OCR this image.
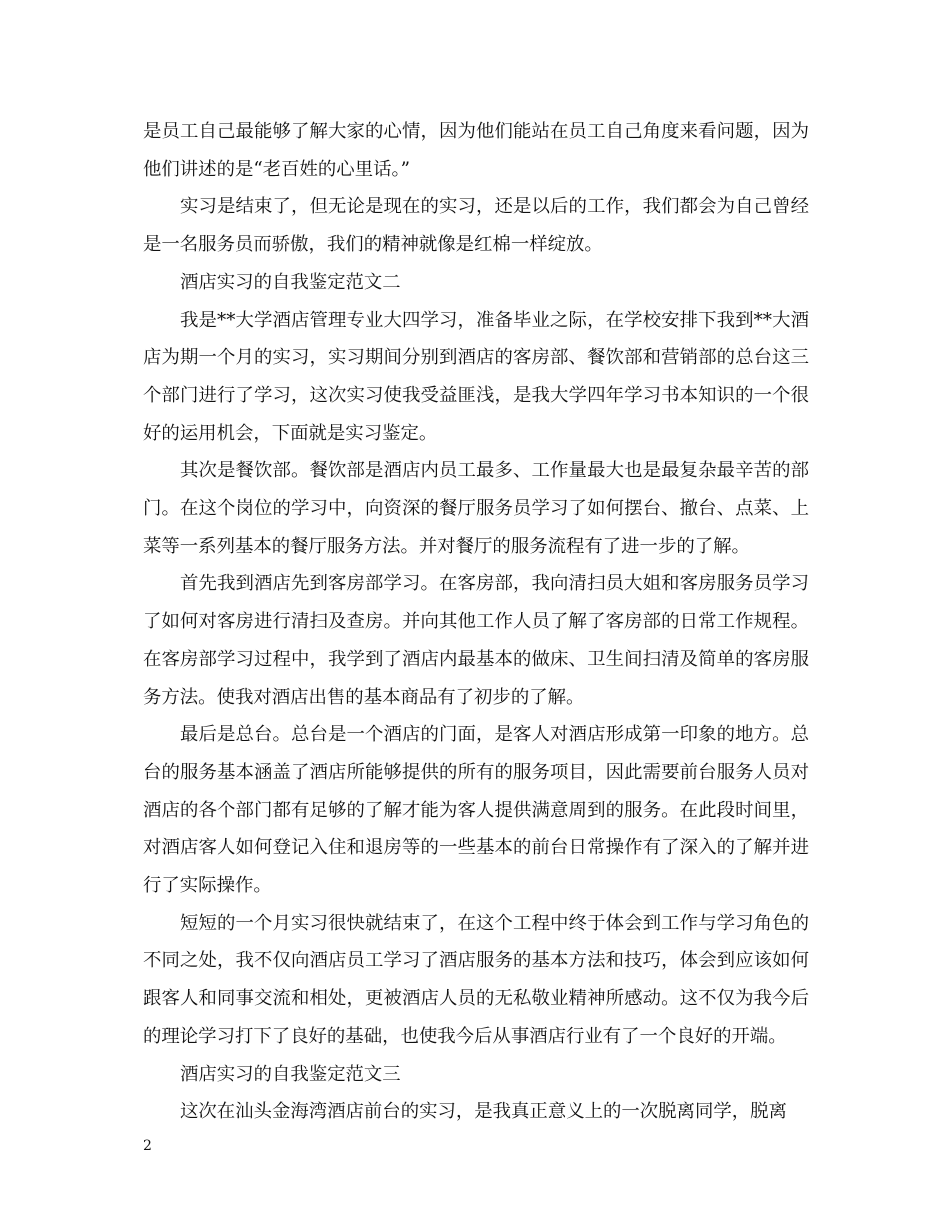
是员工自己最能够了解大家的心情，因为他们能站在员工自己角度来看问题，因为他们讲述的是“老百姓的心里话。”

实习是结束了，但无论是现在的实习，还是以后的工作，我们都会为自己曾经是一名服务员而骄傲，我们的精神就像是红棉一样绽放。

酒店实习的自我鉴定范文二

我是**大学酒店管理专业大四学习，准备毕业之际，在学校安排下我到**大酒店为期一个月的实习，实习期间分别到酒店的客房部、餐饮部和营销部的总台这三个部门进行了学习，这次实习使我受益匪浅，是我大学四年学习书本知识的一个很好的运用机会，下面就是实习鉴定。

其次是餐饮部。餐饮部是酒店内员工最多、工作量最大也是最复杂最辛苦的部门。在这个岗位的学习中，向资深的餐厅服务员学习了如何摆台、撤台、点菜、上菜等一系列基本的餐厅服务方法。并对餐厅的服务流程有了进一步的了解。

首先我到酒店先到客房部学习。在客房部，我向清扫员大姐和客房服务员学习了如何对客房进行清扫及查房。并向其他工作人员了解了客房部的日常工作规程。在客房部学习过程中，我学到了酒店内最基本的做床、卫生间扫清及简单的客房服务方法。使我对酒店出售的基本商品有了初步的了解。

最后是总台。总台是一个酒店的门面，是客人对酒店形成第一印象的地方。总台的服务基本涵盖了酒店所能够提供的所有的服务项目，因此需要前台服务人员对酒店的各个部门都有足够的了解才能为客人提供满意周到的服务。在此段时间里，对酒店客人如何登记入住和退房等的一些基本的前台日常操作有了深入的了解并进行了实际操作。

短短的一个月实习很快就结束了，在这个工程中终于体会到工作与学习角色的不同之处，我不仅向酒店员工学习了酒店服务的基本方法和技巧，体会到应该如何跟客人和同事交流和相处，更被酒店人员的无私敬业精神所感动。这不仅为我今后的理论学习打下了良好的基础，也使我今后从事酒店行业有了一个良好的开端。

酒店实习的自我鉴定范文三

这次在汕头金海湾酒店前台的实习，是我真正意义上的一次脱离同学，脱离

2
